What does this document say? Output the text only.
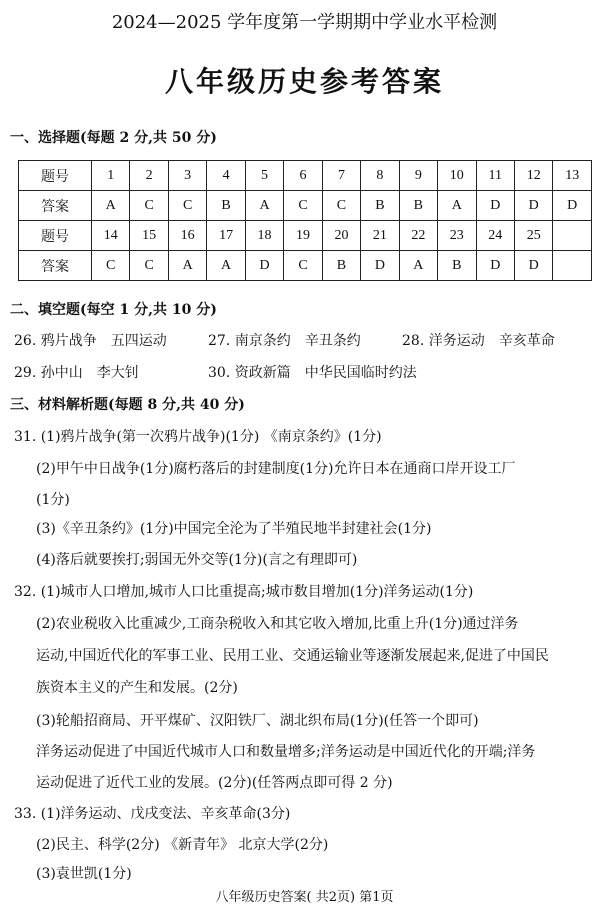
2024—2025 学年度第一学期期中学业水平检测
八年级历史参考答案
一、选择题(每题 2 分,共 50 分)
题号	1	2	3	4	5	6	7	8	9	10	11	12	13
答案	A	C	C	B	A	C	C	B	B	A	D	D	D
题号	14	15	16	17	18	19	20	21	22	23	24	25	
答案	C	C	A	A	D	C	B	D	A	B	D	D	
二、填空题(每空 1 分,共 10 分)
26. 鸦片战争　五四运动	27. 南京条约　辛丑条约	28. 洋务运动　辛亥革命
29. 孙中山　李大钊	30. 资政新篇　中华民国临时约法
三、材料解析题(每题 8 分,共 40 分)
31. (1)鸦片战争(第一次鸦片战争)(1分) 《南京条约》(1分)
(2)甲午中日战争(1分)腐朽落后的封建制度(1分)允许日本在通商口岸开设工厂
(1分)
(3)《辛丑条约》(1分)中国完全沦为了半殖民地半封建社会(1分)
(4)落后就要挨打;弱国无外交等(1分)(言之有理即可)
32. (1)城市人口增加,城市人口比重提高;城市数目增加(1分)洋务运动(1分)
(2)农业税收入比重减少,工商杂税收入和其它收入增加,比重上升(1分)通过洋务
运动,中国近代化的军事工业、民用工业、交通运输业等逐渐发展起来,促进了中国民
族资本主义的产生和发展。(2分)
(3)轮船招商局、开平煤矿、汉阳铁厂、湖北织布局(1分)(任答一个即可)
洋务运动促进了中国近代城市人口和数量增多;洋务运动是中国近代化的开端;洋务
运动促进了近代工业的发展。(2分)(任答两点即可得 2 分)
33. (1)洋务运动、戊戌变法、辛亥革命(3分)
(2)民主、科学(2分) 《新青年》 北京大学(2分)
(3)袁世凯(1分)
八年级历史答案( 共2页) 第1页
